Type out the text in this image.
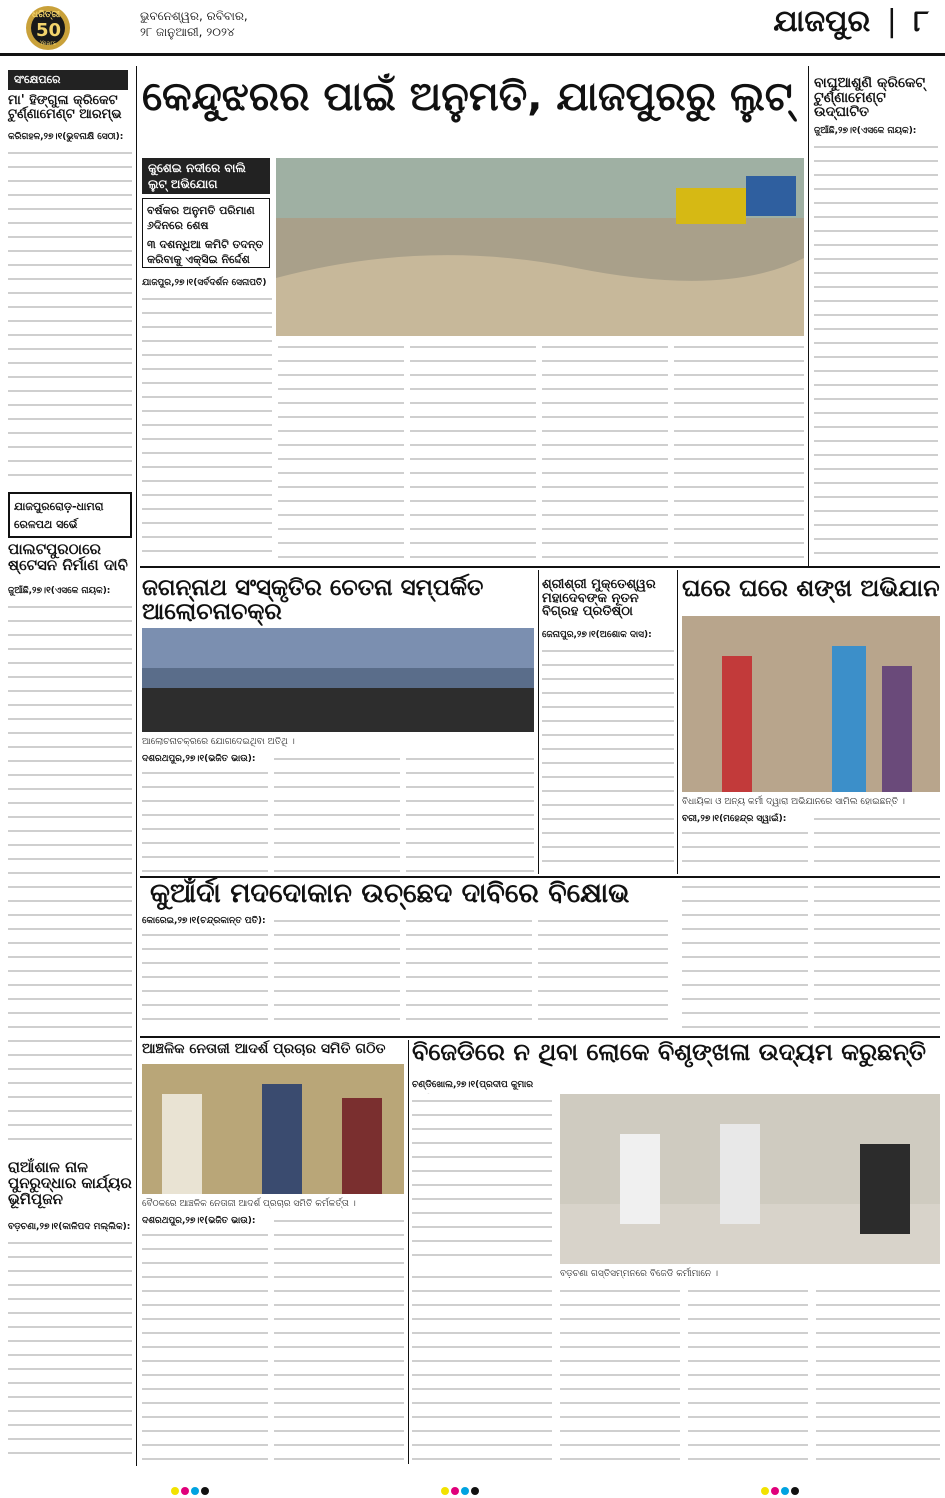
ଧରିତ୍ରୀ
50
Years
ଭୁବନେଶ୍ୱର, ରବିବାର,
୨୮ ଜାନୁଆରୀ, ୨୦୨୪	ଯାଜପୁର | ୮
ସଂକ୍ଷେପରେ
ମା' ହିଙ୍ଗୁଳା କ୍ରିକେଟ ଟୁର୍ଣ୍ଣାମେଣ୍ଟ ଆରମ୍ଭ
କରିଗହଳ,୨୭।୧(ଭୁବନାକ୍ଷି ସେଠୀ):
ଯାଜପୁରରୋଡ଼-ଧାମରା ରେଳପଥ ସର୍ଭେ
ପାଲଟପୁରଠାରେ ଷ୍ଟେସନ ନିର୍ମାଣ ଦାବି
ଜୁଆଁଛି,୨୭।୧(ଏସକେ ନାୟକ):
ରାଆଁଶାଳ ନାଳ ପୁନରୁଦ୍ଧାର କାର୍ଯ୍ୟର ଭୂମିପୂଜନ
ବଡ଼ଚଣା,୨୭।୧(କାଳିପଦ ମଲ୍ଲିକ):
କେନ୍ଦୁଝରର ପାଇଁ ଅନୁମତି, ଯାଜପୁରରୁ ଲୁଟ୍
କୁଶେଇ ନଦୀରେ ବାଲି ଲୁଟ୍ ଅଭିଯୋଗ
ବର୍ଷକର ଅନୁମତି ପରିମାଣ ୬ଦିନରେ ଶେଷ
୩ ଦଶନ୍ଧିଆ କମିଟି ତଦନ୍ତ କରିବାକୁ ଏକ୍‌ସିଇ ନିର୍ଦ୍ଦେଶ
ଯାଜପୁର,୨୭।୧(ସର୍ବଦର୍ଶନ ସେନାପତି)
ବାଘୁଆଶୁଣି କ୍ରିକେଟ୍ ଟୁର୍ଣ୍ଣାମେଣ୍ଟ ଉଦ୍‌ଘାଟିତ
ଜୁଆଁଛି,୨୭।୧(ଏସକେ ନାୟକ):
ଜଗନ୍ନାଥ ସଂସ୍କୃତିର ଚେତନା ସମ୍ପର୍କିତ ଆଲୋଚନାଚକ୍ର
ଆଲୋଚନାଚକ୍ରରେ ଯୋଗଦେଇଥିବା ଅତିଥି ।
ଦଶରଥପୁର,୨୭।୧(ଭଜିତ ଭାଉ):
ଶ୍ରୀଶ୍ରୀ ମୁକ୍ତେଶ୍ୱର ମହାଦେବଙ୍କ ନୂତନ ବିଗ୍ରହ ପ୍ରତିଷ୍ଠା
ଜେନାପୁର,୨୭।୧(ଅଶୋକ ଦାସ):
ଘରେ ଘରେ ଶଙ୍ଖ ଅଭିଯାନ
ବିଧାୟିକା ଓ ଅନ୍ୟ କର୍ମୀ ଦ୍ୱାରା ଅଭିଯାନରେ ସାମିଲ ହୋଇଛନ୍ତି ।
ବରୀ,୨୭।୧(ମହେନ୍ଦ୍ର ସ୍ୱାଇଁ):
କୁଆଁର୍ଦା ମଦଦୋକାନ ଉଚ୍ଛେଦ ଦାବିରେ ବିକ୍ଷୋଭ
କୋରେଇ,୨୭।୧(ଚନ୍ଦ୍ରକାନ୍ତ ପତି):
ଆଞ୍ଚଳିକ ନେତାଜୀ ଆଦର୍ଶ ପ୍ରଚାର ସମିତି ଗଠିତ
ବୈଠକରେ ଆଞ୍ଚଳିକ ନେତାଜୀ ଆଦର୍ଶ ପ୍ରଚାର ସମିତି କର୍ମକର୍ତ୍ତା ।
ଦଶରଥପୁର,୨୭।୧(ଭଜିତ ଭାଉ):
ବିଜେଡିରେ ନ ଥିବା ଲୋକେ ବିଶୃଙ୍ଖଳା ଉଦ୍ୟମ କରୁଛନ୍ତି
ଚଣ୍ଡିଖୋଲ,୨୭।୧(ପ୍ରଦୀପ କୁମାର
ବଡ଼ଚଣା ଗସ୍ତିସମ୍ମନରେ ବିଜେଡି କର୍ମୀମାନେ ।
